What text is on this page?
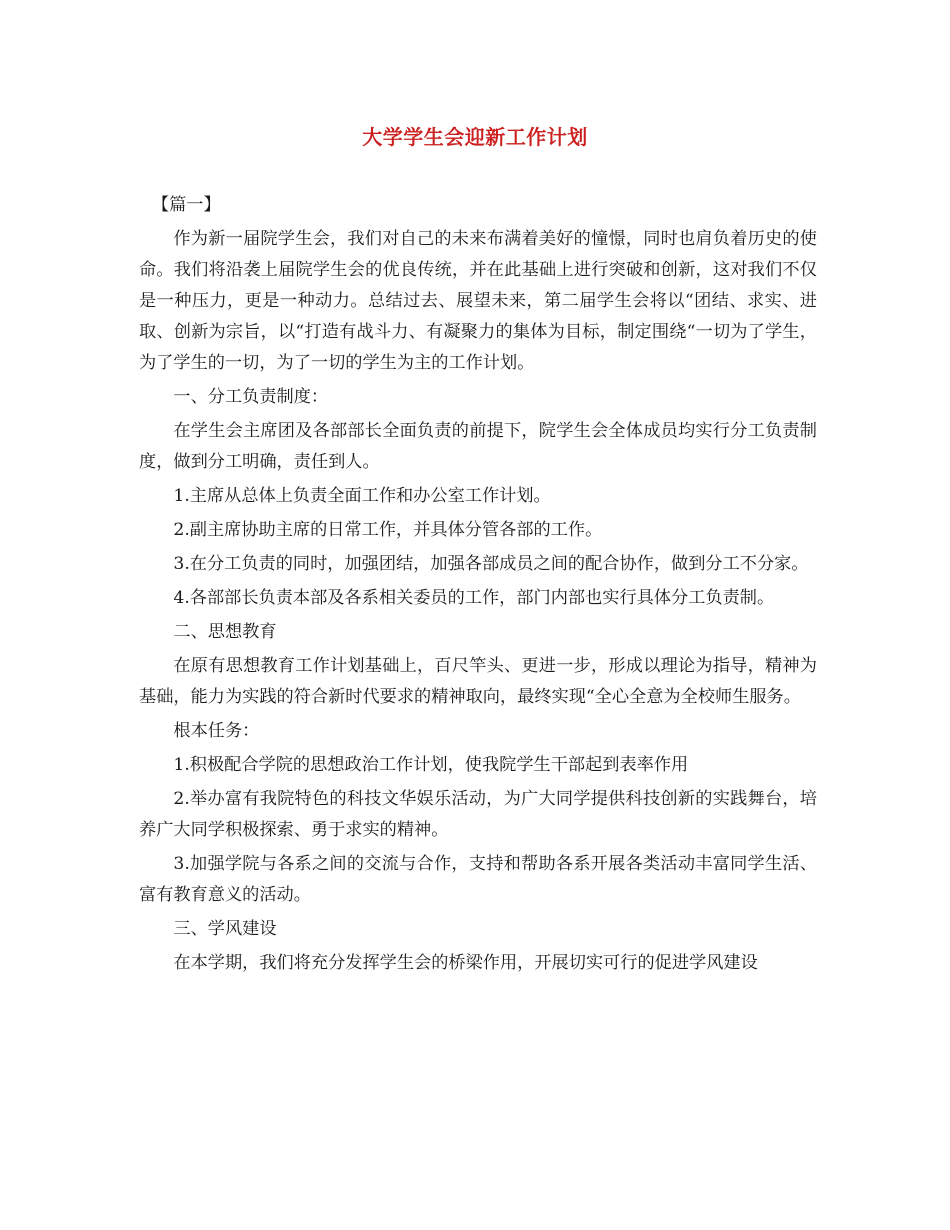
大学学生会迎新工作计划

【篇一】

作为新一届院学生会，我们对自己的未来布满着美好的憧憬，同时也肩负着历史的使命。我们将沿袭上届院学生会的优良传统，并在此基础上进行突破和创新，这对我们不仅是一种压力，更是一种动力。总结过去、展望未来，第二届学生会将以“团结、求实、进取、创新为宗旨，以“打造有战斗力、有凝聚力的集体为目标，制定围绕“一切为了学生，为了学生的一切，为了一切的学生为主的工作计划。

一、分工负责制度：

在学生会主席团及各部部长全面负责的前提下，院学生会全体成员均实行分工负责制度，做到分工明确，责任到人。

1.主席从总体上负责全面工作和办公室工作计划。

2.副主席协助主席的日常工作，并具体分管各部的工作。

3.在分工负责的同时，加强团结，加强各部成员之间的配合协作，做到分工不分家。

4.各部部长负责本部及各系相关委员的工作，部门内部也实行具体分工负责制。

二、思想教育

在原有思想教育工作计划基础上，百尺竿头、更进一步，形成以理论为指导，精神为基础，能力为实践的符合新时代要求的精神取向，最终实现“全心全意为全校师生服务。

根本任务：

1.积极配合学院的思想政治工作计划，使我院学生干部起到表率作用

2.举办富有我院特色的科技文华娱乐活动，为广大同学提供科技创新的实践舞台，培养广大同学积极探索、勇于求实的精神。

3.加强学院与各系之间的交流与合作，支持和帮助各系开展各类活动丰富同学生活、富有教育意义的活动。

三、学风建设

在本学期，我们将充分发挥学生会的桥梁作用，开展切实可行的促进学风建设
